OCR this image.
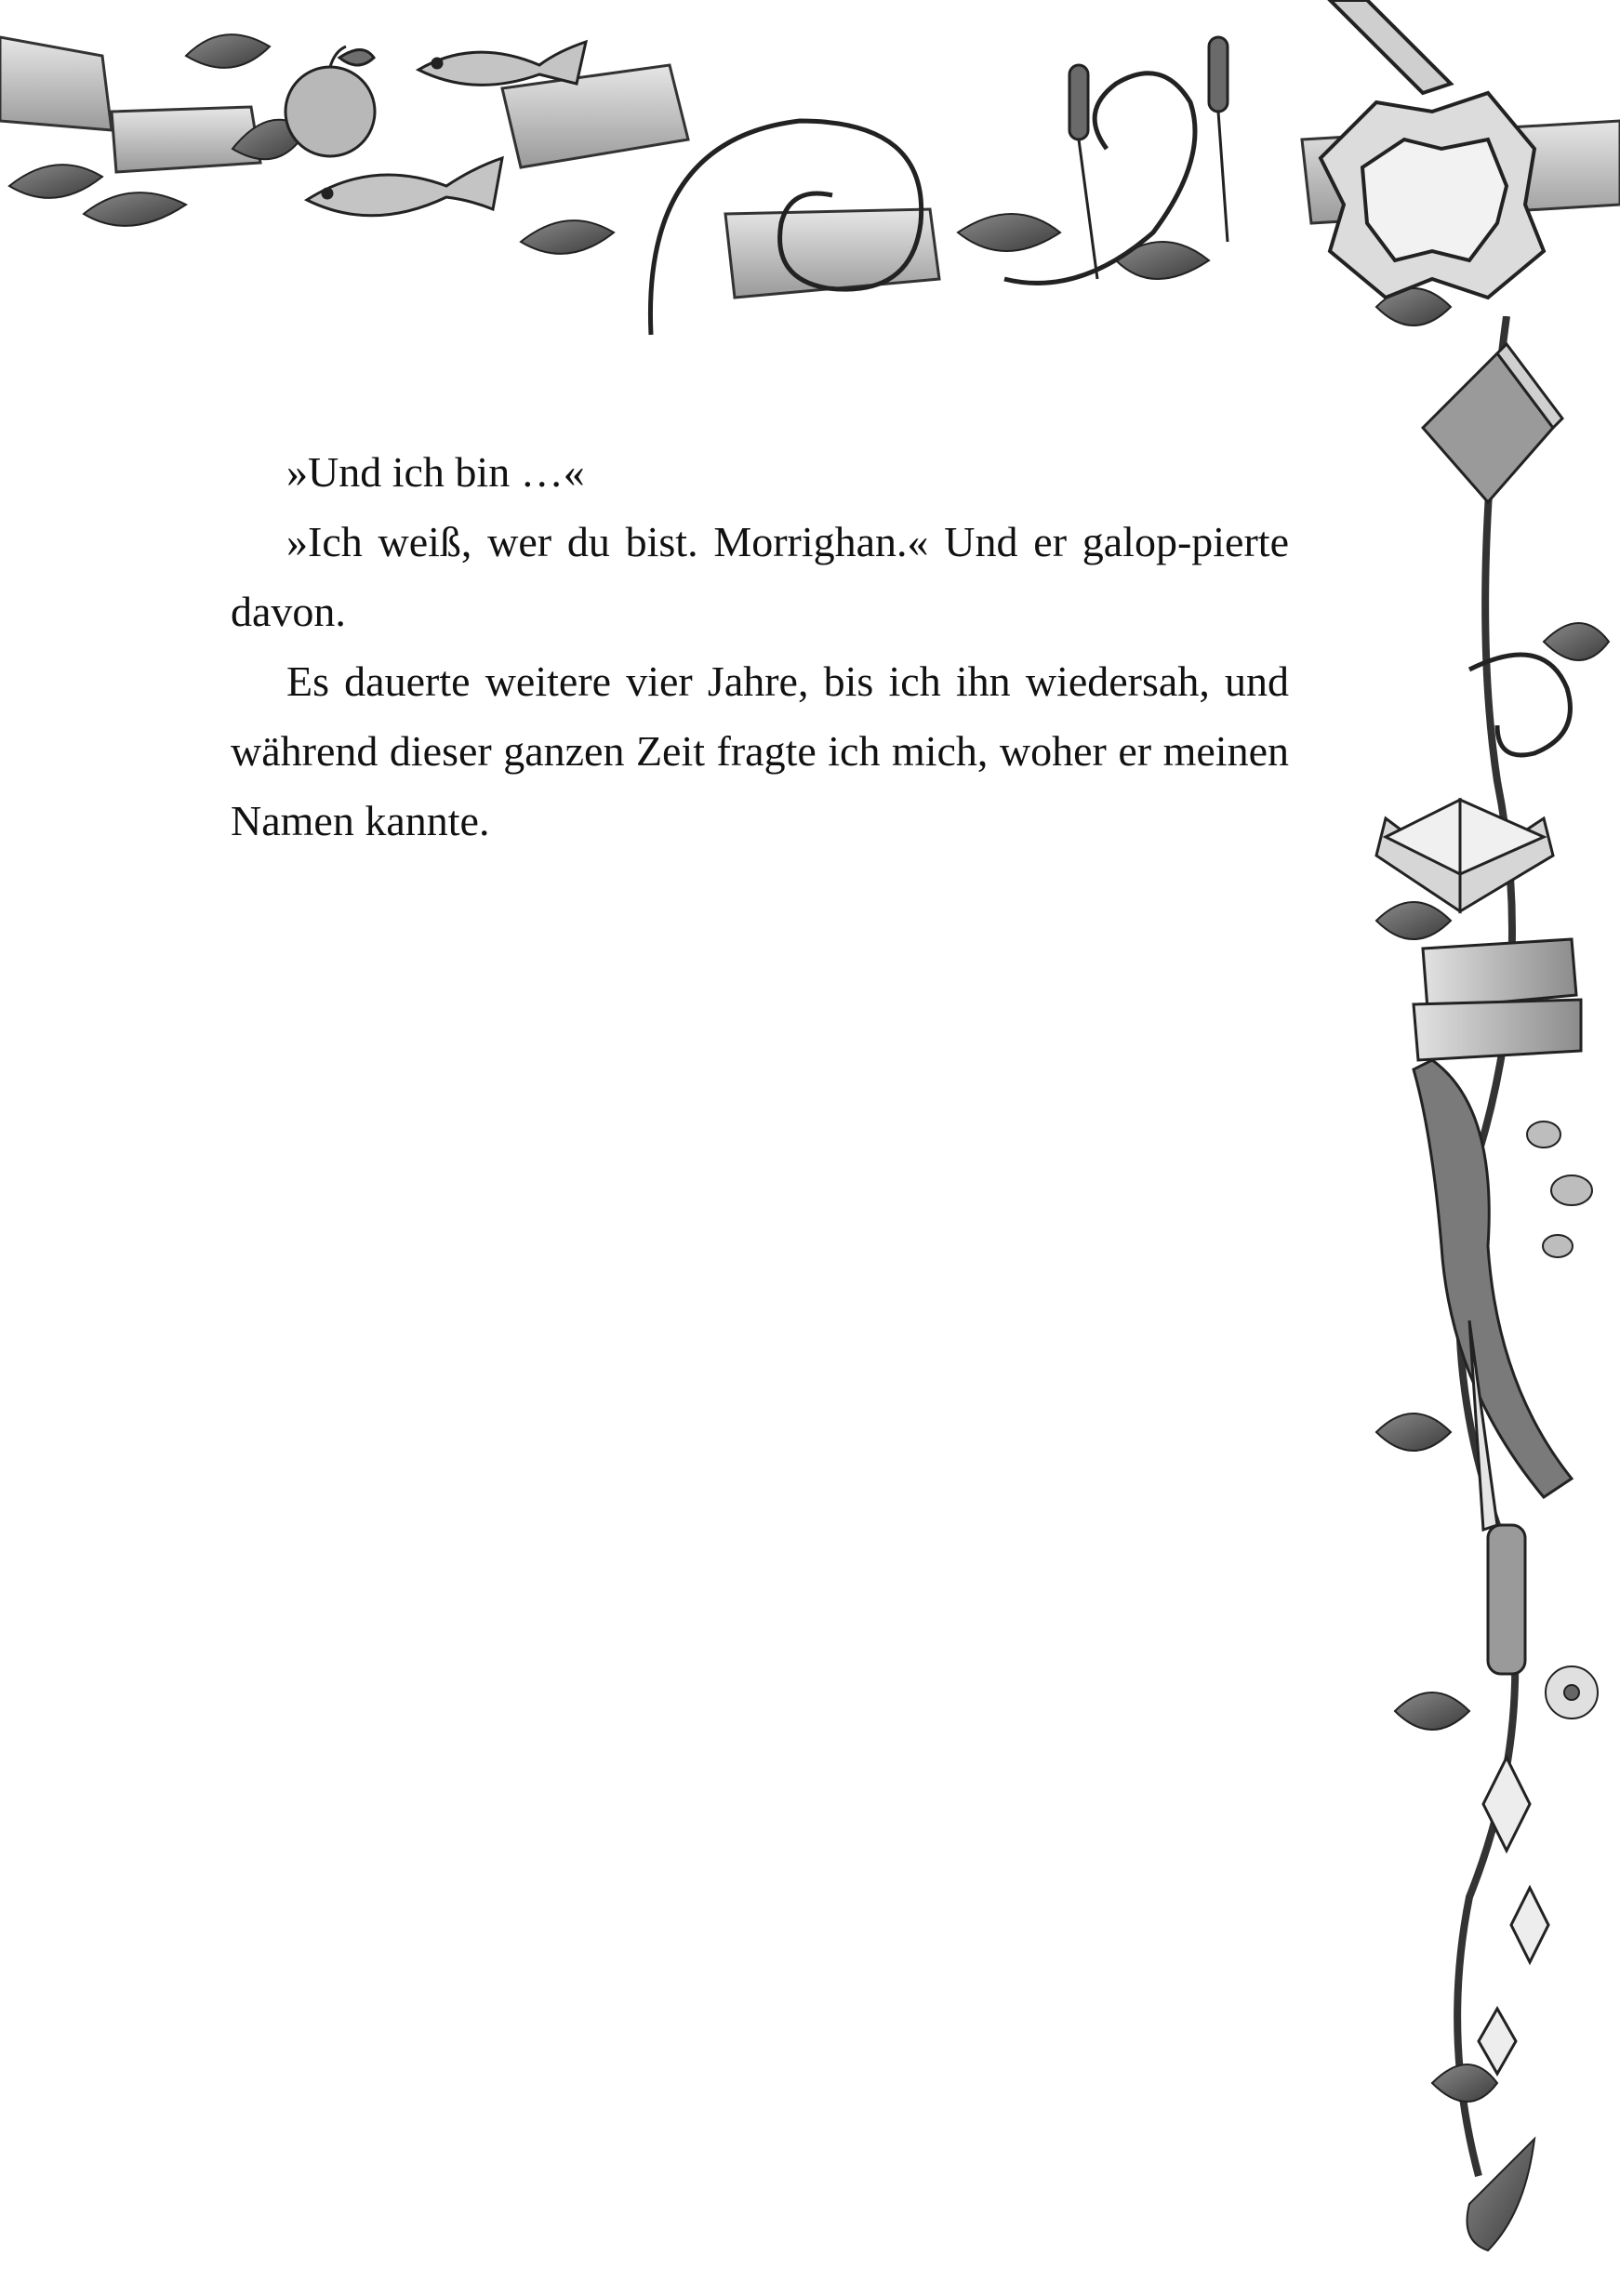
»Und ich bin …«

»Ich weiß, wer du bist. Morrighan.« Und er galop-pierte davon.

Es dauerte weitere vier Jahre, bis ich ihn wiedersah, und während dieser ganzen Zeit fragte ich mich, woher er meinen Namen kannte.
